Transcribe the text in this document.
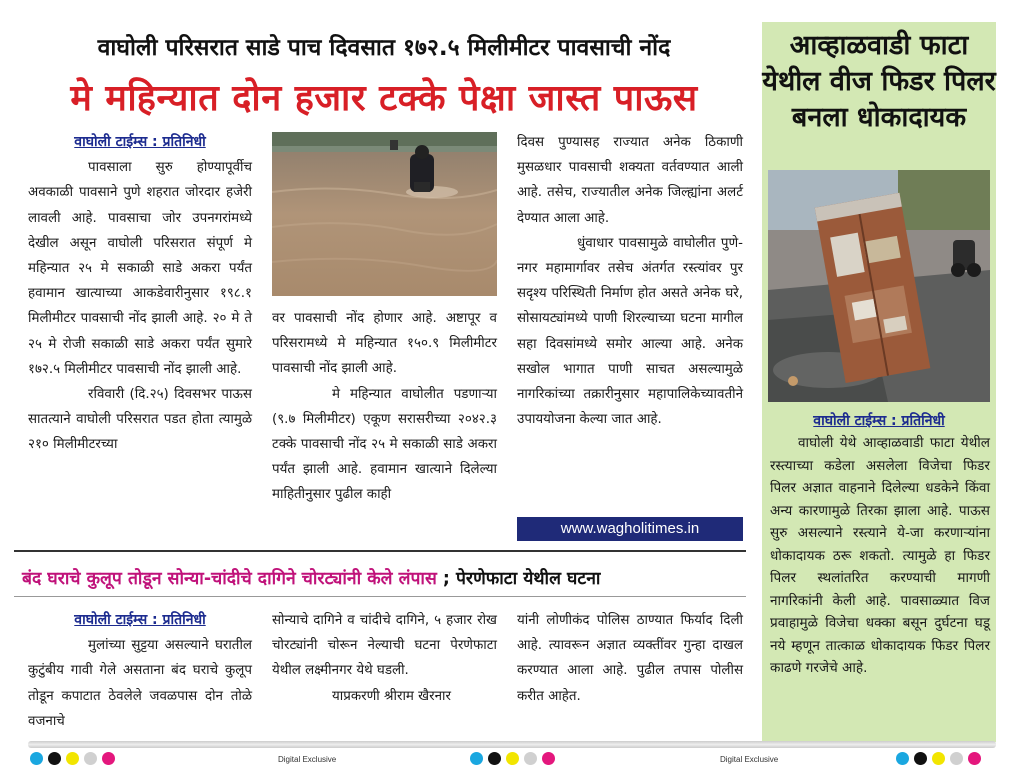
वाघोली परिसरात साडे पाच दिवसात १७२.५ मिलीमीटर पावसाची नोंद
मे महिन्यात दोन हजार टक्के पेक्षा जास्त पाऊस
वाघोली टाईम्स : प्रतिनिधी

पावसाला सुरु होण्यापूर्वीच अवकाळी पावसाने पुणे शहरात जोरदार हजेरी लावली आहे. पावसाचा जोर उपनगरांमध्ये देखील असून वाघोली परिसरात संपूर्ण मे महिन्यात २५ मे सकाळी साडे अकरा पर्यंत हवामान खात्याच्या आकडेवारीनुसार १९८.१ मिलीमीटर पावसाची नोंद झाली आहे. २० मे ते २५ मे रोजी सकाळी साडे अकरा पर्यंत सुमारे १७२.५ मिलीमीटर पावसाची नोंद झाली आहे.

रविवारी (दि.२५) दिवसभर पाऊस सातत्याने वाघोली परिसरात पडत होता त्यामुळे २१० मिलीमीटरच्या

वर पावसाची नोंद होणार आहे. अष्टापूर व परिसरामध्ये मे महिन्यात १५०.९ मिलीमीटर पावसाची नोंद झाली आहे.

मे महिन्यात वाघोलीत पडणाऱ्या (९.७ मिलीमीटर) एकूण सरासरीच्या २०४२.३ टक्के पावसाची नोंद २५ मे सकाळी साडे अकरा पर्यंत झाली आहे. हवामान खात्याने दिलेल्या माहितीनुसार पुढील काही

दिवस पुण्यासह राज्यात अनेक ठिकाणी मुसळधार पावसाची शक्यता वर्तवण्यात आली आहे. तसेच, राज्यातील अनेक जिल्ह्यांना अलर्ट देण्यात आला आहे.

धुंवाधार पावसामुळे वाघोलीत पुणे-नगर महामार्गावर तसेच अंतर्गत रस्त्यांवर पुर सदृश्य परिस्थिती निर्माण होत असते अनेक घरे, सोसायट्यांमध्ये पाणी शिरल्याच्या घटना मागील सहा दिवसांमध्ये समोर आल्या आहे. अनेक सखोल भागात पाणी साचत असल्यामुळे नागरिकांच्या तक्रारीनुसार महापालिकेच्यावतीने उपाययोजना केल्या जात आहे.

www.wagholitimes.in
बंद घराचे कुलूप तोडून सोन्या-चांदीचे दागिने चोरट्यांनी केले लंपास ; पेरणेफाटा येथील घटना
वाघोली टाईम्स : प्रतिनिधी

मुलांच्या सुट्टया असल्याने घरातील कुटुंबीय गावी गेले असताना बंद घराचे कुलूप तोडून कपाटात ठेवलेले जवळपास दोन तोळे वजनाचे

सोन्याचे दागिने व चांदीचे दागिने, ५ हजार रोख चोरट्यांनी चोरून नेल्याची घटना पेरणेफाटा येथील लक्ष्मीनगर येथे घडली.

याप्रकरणी श्रीराम खैरनार

यांनी लोणीकंद पोलिस ठाण्यात फिर्याद दिली आहे. त्यावरून अज्ञात व्यक्तींवर गुन्हा दाखल करण्यात आला आहे. पुढील तपास पोलीस करीत आहेत.

आव्हाळवाडी फाटा येथील वीज फिडर पिलर बनला धोकादायक
वाघोली टाईम्स : प्रतिनिधी

वाघोली येथे आव्हाळवाडी फाटा येथील रस्त्याच्या कडेला असलेला विजेचा फिडर पिलर अज्ञात वाहनाने दिलेल्या धडकेने किंवा अन्य कारणामुळे तिरका झाला आहे. पाऊस सुरु असल्याने रस्त्याने ये-जा करणाऱ्यांना धोकादायक ठरू शकतो. त्यामुळे हा फिडर पिलर स्थलांतरित करण्याची मागणी नागरिकांनी केली आहे. पावसाळ्यात विज प्रवाहामुळे विजेचा धक्का बसून दुर्घटना घडू नये म्हणून तात्काळ धोकादायक फिडर पिलर काढणे गरजेचे आहे.

Digital Exclusive	Digital Exclusive
